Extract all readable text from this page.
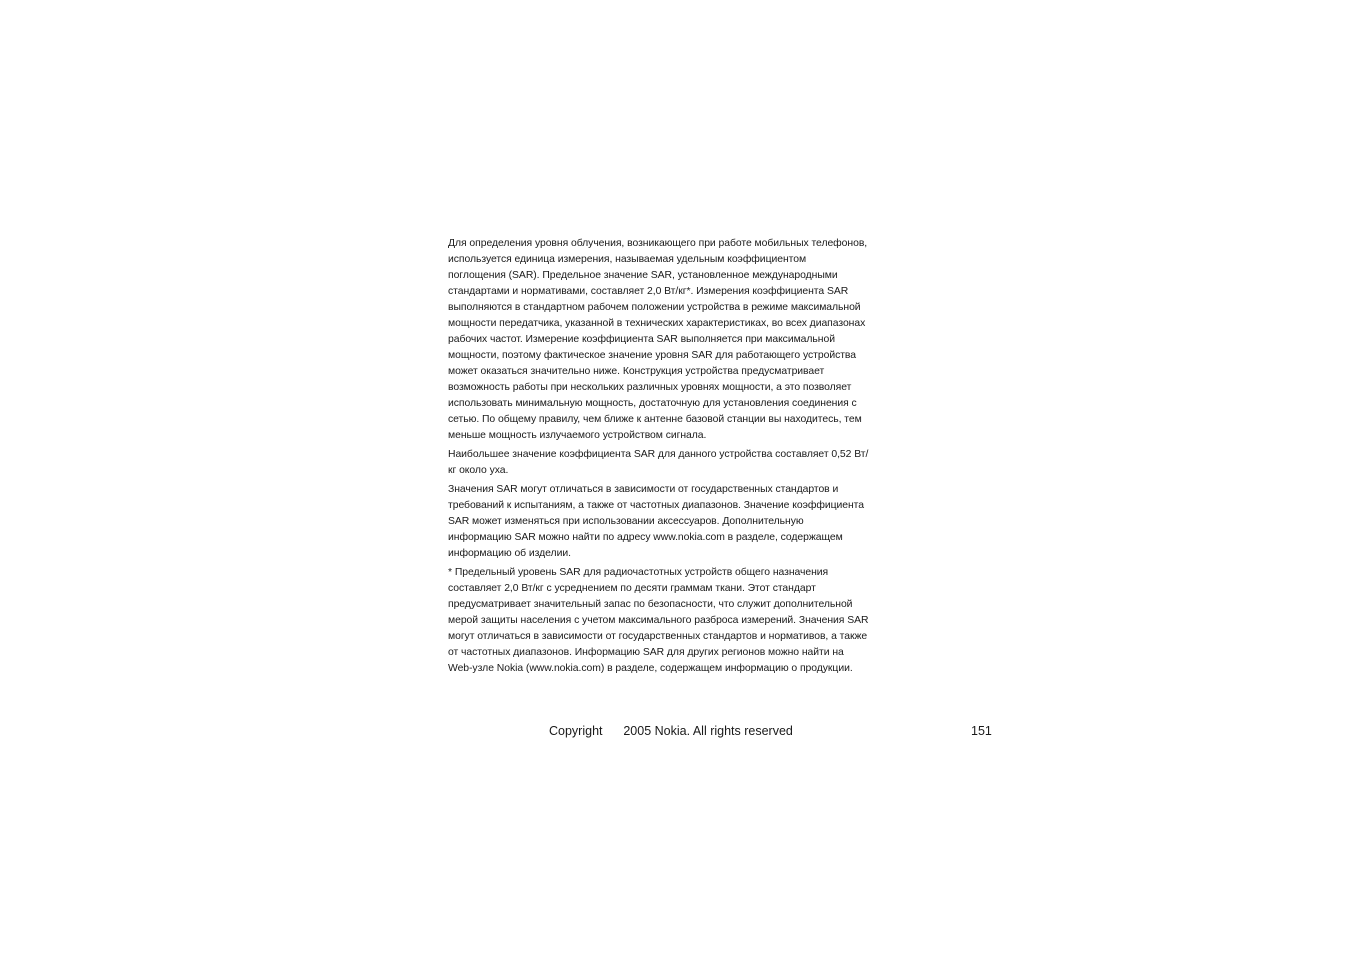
Для определения уровня облучения, возникающего при работе мобильных телефонов,
используется единица измерения, называемая удельным коэффициентом
поглощения (SAR). Предельное значение SAR, установленное международными
стандартами и нормативами, составляет 2,0 Вт/кг*. Измерения коэффициента SAR
выполняются в стандартном рабочем положении устройства в режиме максимальной
мощности передатчика, указанной в технических характеристиках, во всех диапазонах
рабочих частот. Измерение коэффициента SAR выполняется при максимальной
мощности, поэтому фактическое значение уровня SAR для работающего устройства
может оказаться значительно ниже. Конструкция устройства предусматривает
возможность работы при нескольких различных уровнях мощности, а это позволяет
использовать минимальную мощность, достаточную для установления соединения с
сетью. По общему правилу, чем ближе к антенне базовой станции вы находитесь, тем
меньше мощность излучаемого устройством сигнала.

Наибольшее значение коэффициента SAR для данного устройства составляет 0,52 Вт/
кг около уха.

Значения SAR могут отличаться в зависимости от государственных стандартов и
требований к испытаниям, а также от частотных диапазонов. Значение коэффициента
SAR может изменяться при использовании аксессуаров. Дополнительную
информацию SAR можно найти по адресу www.nokia.com в разделе, содержащем
информацию об изделии.

* Предельный уровень SAR для радиочастотных устройств общего назначения
составляет 2,0 Вт/кг с усреднением по десяти граммам ткани. Этот стандарт
предусматривает значительный запас по безопасности, что служит дополнительной
мерой защиты населения с учетом максимального разброса измерений. Значения SAR
могут отличаться в зависимости от государственных стандартов и нормативов, а также
от частотных диапазонов. Информацию SAR для других регионов можно найти на
Web-узле Nokia (www.nokia.com) в разделе, содержащем информацию о продукции.

Copyright      2005 Nokia. All rights reserved	151
